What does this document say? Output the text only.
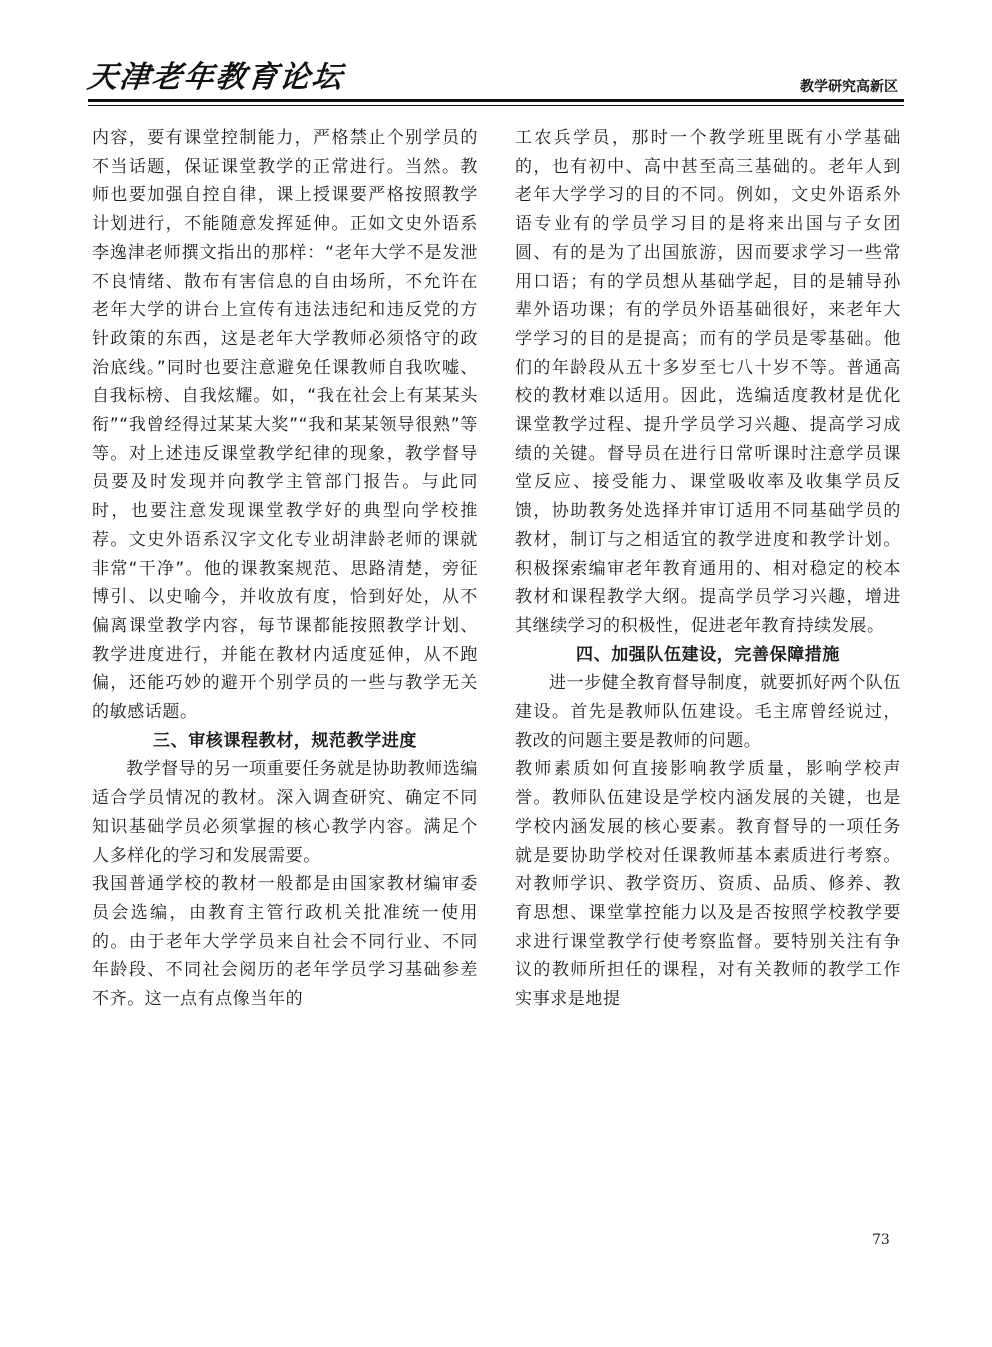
天津老年教育论坛	教学研究高新区

内容，要有课堂控制能力，严格禁止个别学员的不当话题，保证课堂教学的正常进行。当然。教师也要加强自控自律，课上授课要严格按照教学计划进行，不能随意发挥延伸。正如文史外语系李逸津老师撰文指出的那样：“老年大学不是发泄不良情绪、散布有害信息的自由场所，不允许在老年大学的讲台上宣传有违法违纪和违反党的方针政策的东西，这是老年大学教师必须恪守的政治底线。”同时也要注意避免任课教师自我吹嘘、自我标榜、自我炫耀。如，“我在社会上有某某头衔”“我曾经得过某某大奖”“我和某某领导很熟”等等。对上述违反课堂教学纪律的现象，教学督导员要及时发现并向教学主管部门报告。与此同时，也要注意发现课堂教学好的典型向学校推荐。文史外语系汉字文化专业胡津龄老师的课就非常“干净”。他的课教案规范、思路清楚，旁征博引、以史喻今，并收放有度，恰到好处，从不偏离课堂教学内容，每节课都能按照教学计划、教学进度进行，并能在教材内适度延伸，从不跑偏，还能巧妙的避开个别学员的一些与教学无关的敏感话题。

三、审核课程教材，规范教学进度

教学督导的另一项重要任务就是协助教师选编适合学员情况的教材。深入调查研究、确定不同知识基础学员必须掌握的核心教学内容。满足个人多样化的学习和发展需要。

我国普通学校的教材一般都是由国家教材编审委员会选编，由教育主管行政机关批准统一使用的。由于老年大学学员来自社会不同行业、不同年龄段、不同社会阅历的老年学员学习基础参差不齐。这一点有点像当年的

工农兵学员，那时一个教学班里既有小学基础的，也有初中、高中甚至高三基础的。老年人到老年大学学习的目的不同。例如，文史外语系外语专业有的学员学习目的是将来出国与子女团圆、有的是为了出国旅游，因而要求学习一些常用口语；有的学员想从基础学起，目的是辅导孙辈外语功课；有的学员外语基础很好，来老年大学学习的目的是提高；而有的学员是零基础。他们的年龄段从五十多岁至七八十岁不等。普通高校的教材难以适用。因此，选编适度教材是优化课堂教学过程、提升学员学习兴趣、提高学习成绩的关键。督导员在进行日常听课时注意学员课堂反应、接受能力、课堂吸收率及收集学员反馈，协助教务处选择并审订适用不同基础学员的教材，制订与之相适宜的教学进度和教学计划。积极探索编审老年教育通用的、相对稳定的校本教材和课程教学大纲。提高学员学习兴趣，增进其继续学习的积极性，促进老年教育持续发展。

四、加强队伍建设，完善保障措施

进一步健全教育督导制度，就要抓好两个队伍建设。首先是教师队伍建设。毛主席曾经说过，教改的问题主要是教师的问题。

教师素质如何直接影响教学质量，影响学校声誉。教师队伍建设是学校内涵发展的关键，也是学校内涵发展的核心要素。教育督导的一项任务就是要协助学校对任课教师基本素质进行考察。对教师学识、教学资历、资质、品质、修养、教育思想、课堂掌控能力以及是否按照学校教学要求进行课堂教学行使考察监督。要特别关注有争议的教师所担任的课程，对有关教师的教学工作实事求是地提

73
